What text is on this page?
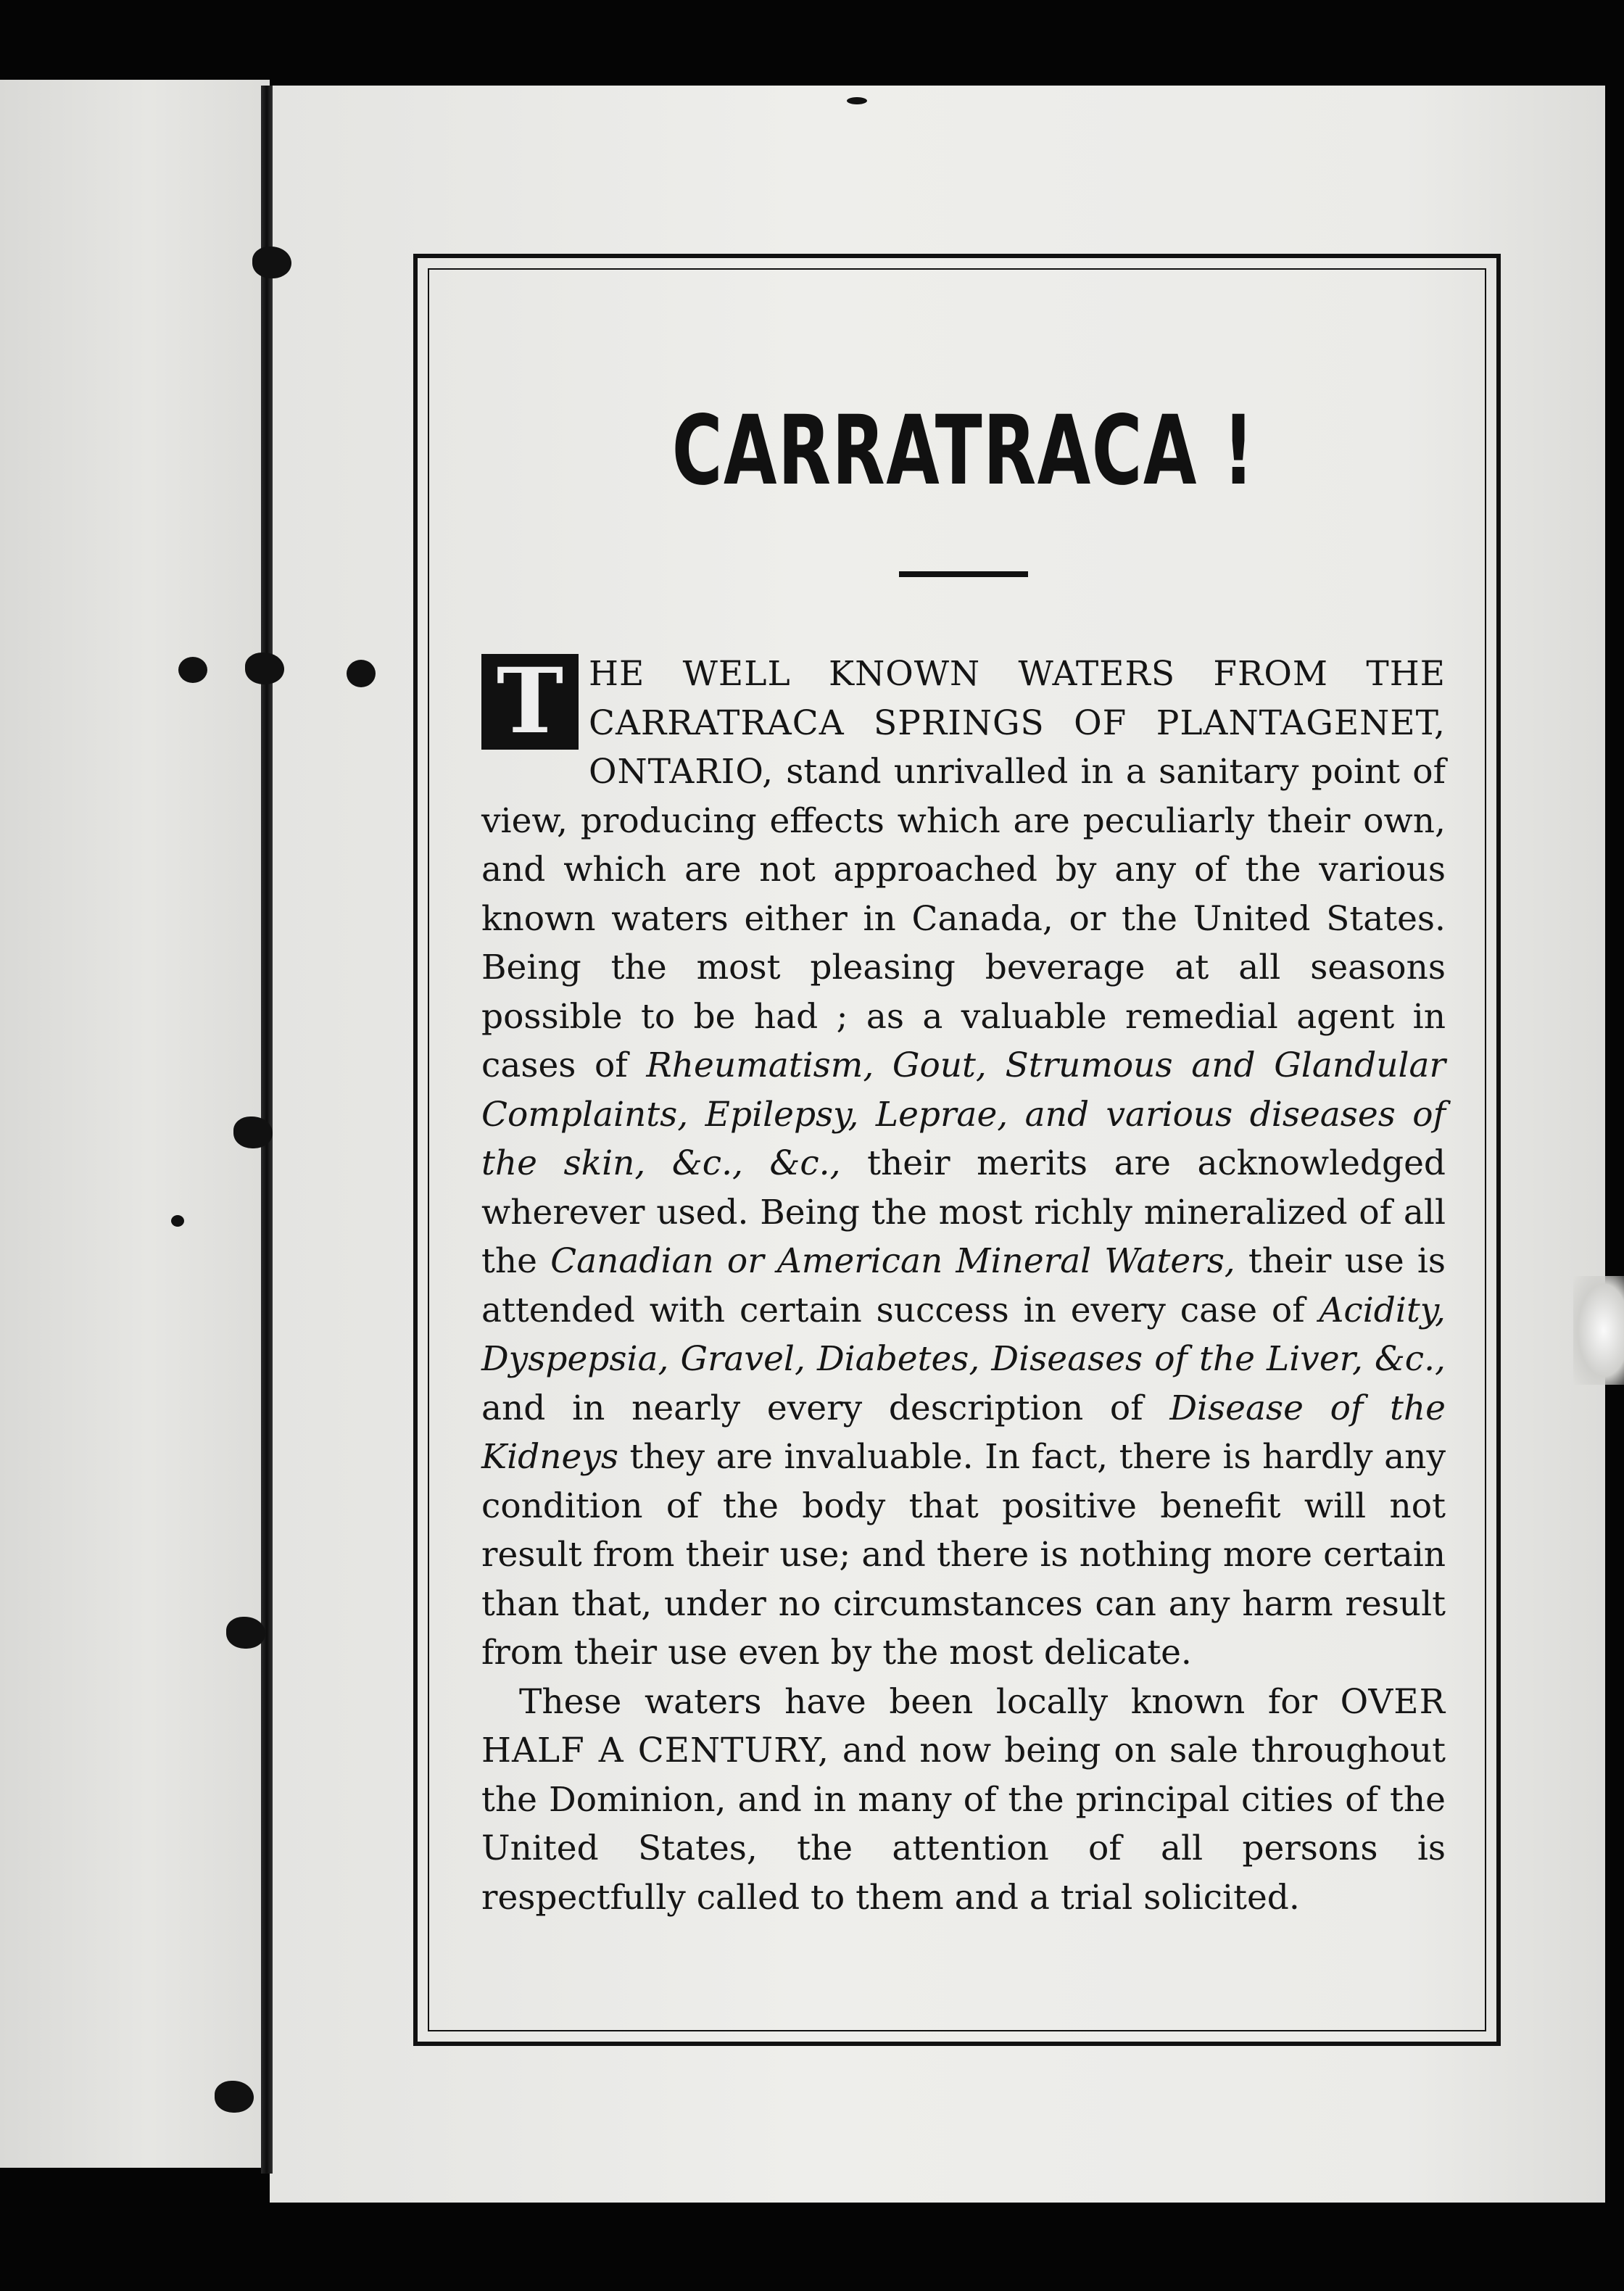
CARRATRACA !

T HE WELL KNOWN WATERS FROM THE CARRATRACA SPRINGS OF PLANTAGENET, ONTARIO, stand unrivalled in a sanitary point of view, producing effects which are peculiarly their own, and which are not approached by any of the various known waters either in Canada, or the United States. Being the most pleasing beverage at all seasons possible to be had ; as a valuable remedial agent in cases of Rheumatism, Gout, Strumous and Glandular Complaints, Epilepsy, Leprae, and various diseases of the skin, &c., &c., their merits are acknowledged wherever used. Being the most richly mineralized of all the Canadian or American Mineral Waters, their use is attended with certain success in every case of Acidity, Dyspepsia, Gravel, Diabetes, Diseases of the Liver, &c., and in nearly every description of Disease of the Kidneys they are invaluable. In fact, there is hardly any condition of the body that positive benefit will not result from their use; and there is nothing more certain than that, under no circumstances can any harm result from their use even by the most delicate.

These waters have been locally known for OVER HALF A CENTURY, and now being on sale throughout the Dominion, and in many of the principal cities of the United States, the attention of all persons is respectfully called to them and a trial solicited.
